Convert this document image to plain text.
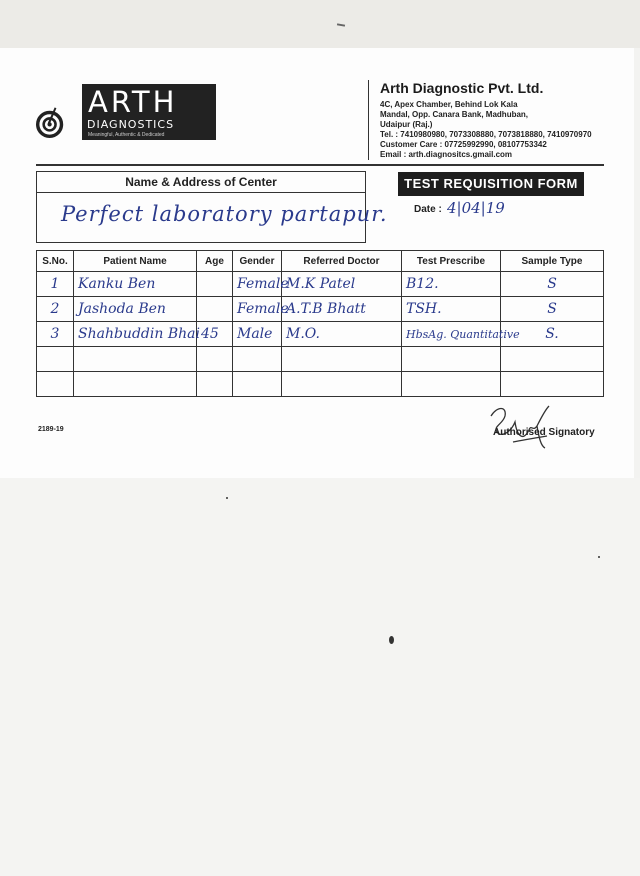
ARTH
DIAGNOSTICS
Meaningful, Authentic & Dedicated
Arth Diagnostic Pvt. Ltd.
4C, Apex Chamber, Behind Lok Kala
Mandal, Opp. Canara Bank, Madhuban,
Udaipur (Raj.)
Tel. : 7410980980, 7073308880, 7073818880, 7410970970
Customer Care : 07725992990, 08107753342
Email : arth.diagnositcs.gmail.com
Name & Address of Center
Perfect laboratory partapur.
TEST REQUISITION FORM
Date : 4|04|19
S.No.	Patient Name	Age	Gender	Referred Doctor	Test Prescribe	Sample Type
1	Kanku Ben		Female	M.K Patel	B12.	S
2	Jashoda Ben		Female	A.T.B Bhatt	TSH.	S
3	Shahbuddin Bhai	45	Male	M.O.	HbsAg. Quantitative	S.

2189-19	Authorised Signatory
